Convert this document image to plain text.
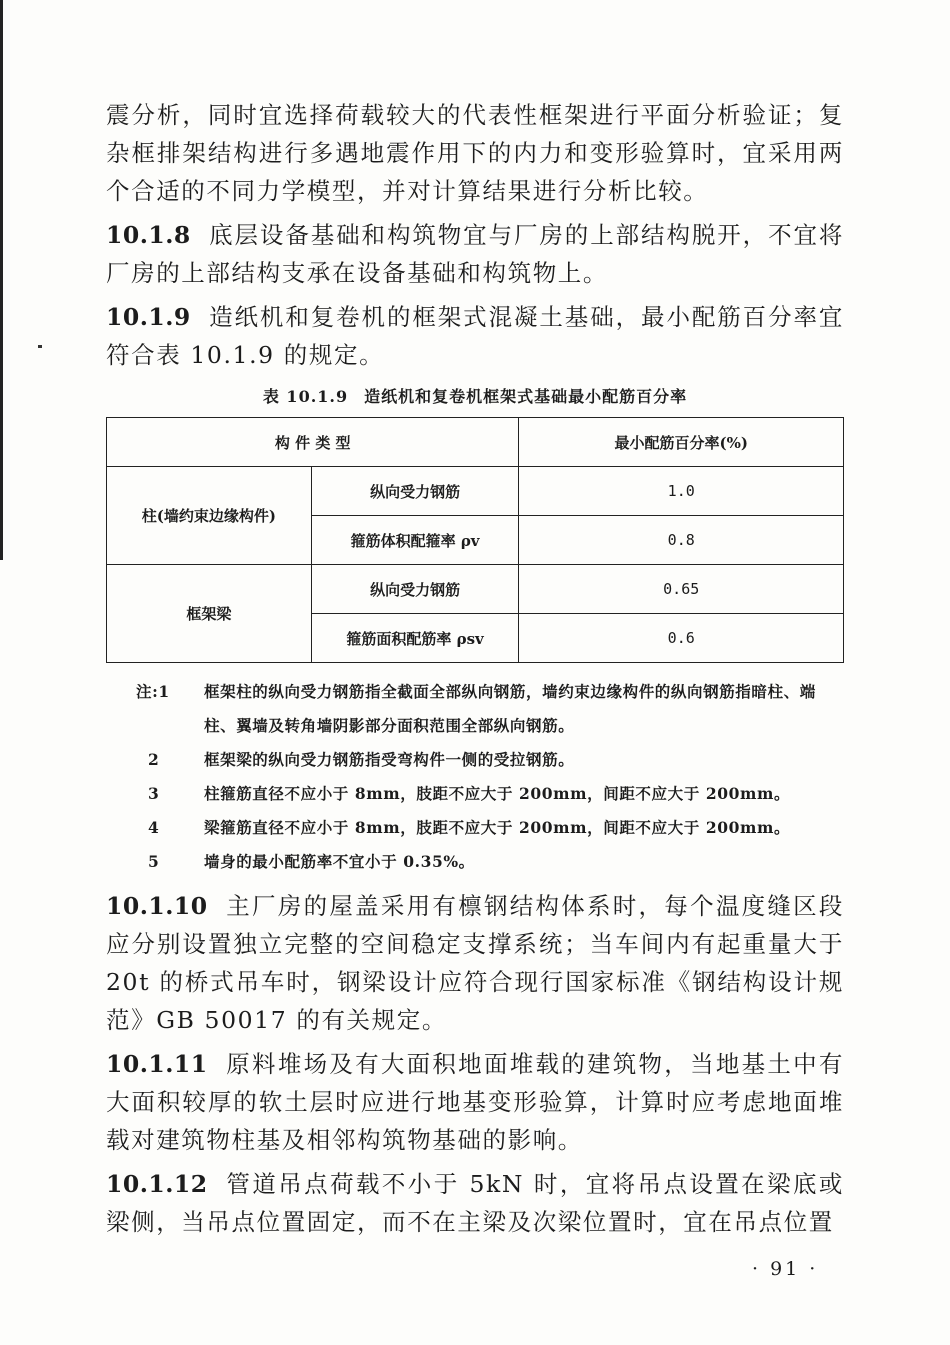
震分析，同时宜选择荷载较大的代表性框架进行平面分析验证；复杂框排架结构进行多遇地震作用下的内力和变形验算时，宜采用两个合适的不同力学模型，并对计算结果进行分析比较。

10.1.8 底层设备基础和构筑物宜与厂房的上部结构脱开，不宜将厂房的上部结构支承在设备基础和构筑物上。

10.1.9 造纸机和复卷机的框架式混凝土基础，最小配筋百分率宜符合表 10.1.9 的规定。

表 10.1.9 造纸机和复卷机框架式基础最小配筋百分率
构 件 类 型		最小配筋百分率(%)
柱(墙约束边缘构件)	纵向受力钢筋	1.0
	箍筋体积配箍率 ρv	0.8
框架梁	纵向受力钢筋	0.65
	箍筋面积配筋率 ρsv	0.6
注:1	框架柱的纵向受力钢筋指全截面全部纵向钢筋，墙约束边缘构件的纵向钢筋指暗柱、端柱、翼墙及转角墙阴影部分面积范围全部纵向钢筋。
2	框架梁的纵向受力钢筋指受弯构件一侧的受拉钢筋。
3	柱箍筋直径不应小于 8mm，肢距不应大于 200mm，间距不应大于 200mm。
4	梁箍筋直径不应小于 8mm，肢距不应大于 200mm，间距不应大于 200mm。
5	墙身的最小配筋率不宜小于 0.35%。

10.1.10 主厂房的屋盖采用有檩钢结构体系时，每个温度缝区段应分别设置独立完整的空间稳定支撑系统；当车间内有起重量大于 20t 的桥式吊车时，钢梁设计应符合现行国家标准《钢结构设计规范》GB 50017 的有关规定。

10.1.11 原料堆场及有大面积地面堆载的建筑物，当地基土中有大面积较厚的软土层时应进行地基变形验算，计算时应考虑地面堆载对建筑物柱基及相邻构筑物基础的影响。

10.1.12 管道吊点荷载不小于 5kN 时，宜将吊点设置在梁底或梁侧，当吊点位置固定，而不在主梁及次梁位置时，宜在吊点位置

· 91 ·
